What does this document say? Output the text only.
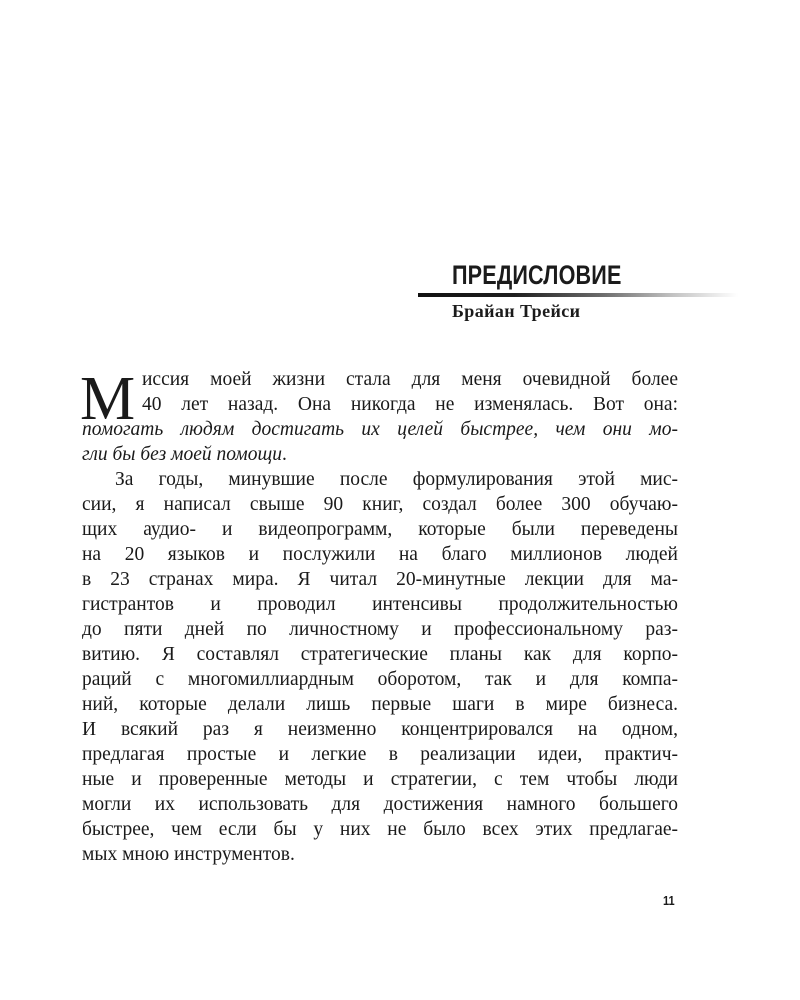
ПРЕДИСЛОВИЕ

Брайан Трейси

М иссия моей жизни стала для меня очевидной более

40 лет назад. Она никогда не изменялась. Вот она:

помогать людям достигать их целей быстрее, чем они мо-

гли бы без моей помощи.

За годы, минувшие после формулирования этой мис-

сии, я написал свыше 90 книг, создал более 300 обучаю-

щих аудио- и видеопрограмм, которые были переведены

на 20 языков и послужили на благо миллионов людей

в 23 странах мира. Я читал 20-минутные лекции для ма-

гистрантов и проводил интенсивы продолжительностью

до пяти дней по личностному и профессиональному раз-

витию. Я составлял стратегические планы как для корпо-

раций с многомиллиардным оборотом, так и для компа-

ний, которые делали лишь первые шаги в мире бизнеса.

И всякий раз я неизменно концентрировался на одном,

предлагая простые и легкие в реализации идеи, практич-

ные и проверенные методы и стратегии, с тем чтобы люди

могли их использовать для достижения намного большего

быстрее, чем если бы у них не было всех этих предлагае-

мых мною инструментов.

11
